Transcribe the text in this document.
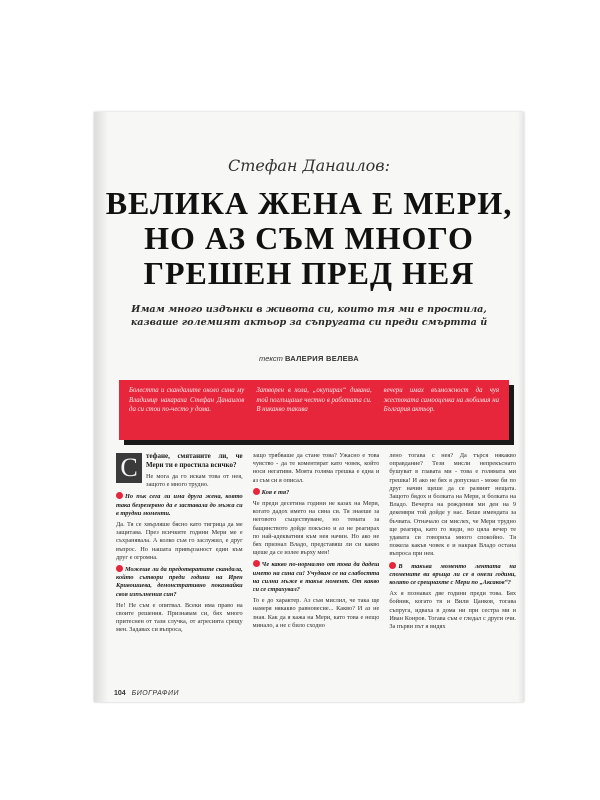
Стефан Данаилов:
ВЕЛИКА ЖЕНА Е МЕРИ,
НО АЗ СЪМ МНОГО
ГРЕШЕН ПРЕД НЕЯ
Имам много издънки в живота си, които тя ми е простила, казваше големият актьор за съпругата си преди смъртта й
текст ВАЛЕРИЯ ВЕЛЕВА
Болестта и скандалите около сина му Владимир накараха Стефан Данаилов да си стои по-често у дома.
Затворен в хола, „окупирал“ дивана, той поглъщаше честно в работата си. В никакво такива
вечери имах възможност да чуя жестоката самооценка на любимия на България актьор.
С	тефане, смятаните ли, че Мери ти е простила всичко?

Не мога да го искам това от нея, защото е много трудно.

Но пък сега ли има друга жена, която така безрезервно да е заставала до мъжа си в трудни моменти.

Да. Тя се хвърляше бясно като тигрица да ме защитава. През всичките години Мери ме е съхранявала. А колко съм го заслужил, е друг въпрос. Но нашата привързаност един към друг е огромна.

Можеше ли да предотвратите скандала, който сътвори преди години на Ирен Кривошиева, демонстративно показвайки своя изпълнения син?

Не! Не съм е опитвал. Всеки има право на своите решения. Признавам си, бях много притеснен от тази случка, от агресията срещу мен. Задавах си въпроса,

защо трябваше да стане това? Ужасно е това чувство - да те коментират като човек, който носи негативи. Моята голяма грешка е една и аз съм си я описал.

Коя е тя?

Че преди десетина години не казах на Мери, когато дадох името на сина си. Тя знаеше за неговото съществуване, но темата за бащинството дойде покъсно и аз не реагирах по най-адекватния към нея начин. Но ако не бях признал Владо, представяш ли си какво щеше да се излее върху мен!

Че какво по-нормално от това да дадеш името на сина си! Учудвам се на слабостта на силни мъже в такъв момент. От какво си се страхувал?

То е до характер. Аз съм мислил, че така ще намеря някакво равновесие... Какво? И аз не зная. Как да я кажа на Мери, като това е нещо минало, а не с било сходно

лено тогава с нея? Да търся някакво оправдание? Тези мисли непрекъснато бушуват в главата ми - това е голямата ми грешка! И ако не бях я допуснал - може би по друг начин щеше да се развият нещата. Защото бядох и болката на Мери, и болката на Владо. Вечерта на рождения ми ден на 9 декември той дойде у нас. Беше имендата за бъчвата. Отначало си мислех, че Мери трудно ще реагира, като го види, но цяла вечер те удавата си говориха много спокойно. Тя пожела какъв човек е и накрая Владо остана въпроса при нея.

В такъва моменто лентата на спомените ви връща ли се в онези години, когато се срещнахте с Мери по „Аксаков“?

Ах я познавах две години преди това. Бях бойник, когато тя и Вили Цанков, тогава съпруга, идваха в дома ни при сестра ми и Иван Конров. Тогава съм е гледал с други очи. За първи път я видях

104 БИОГРАФИИ
